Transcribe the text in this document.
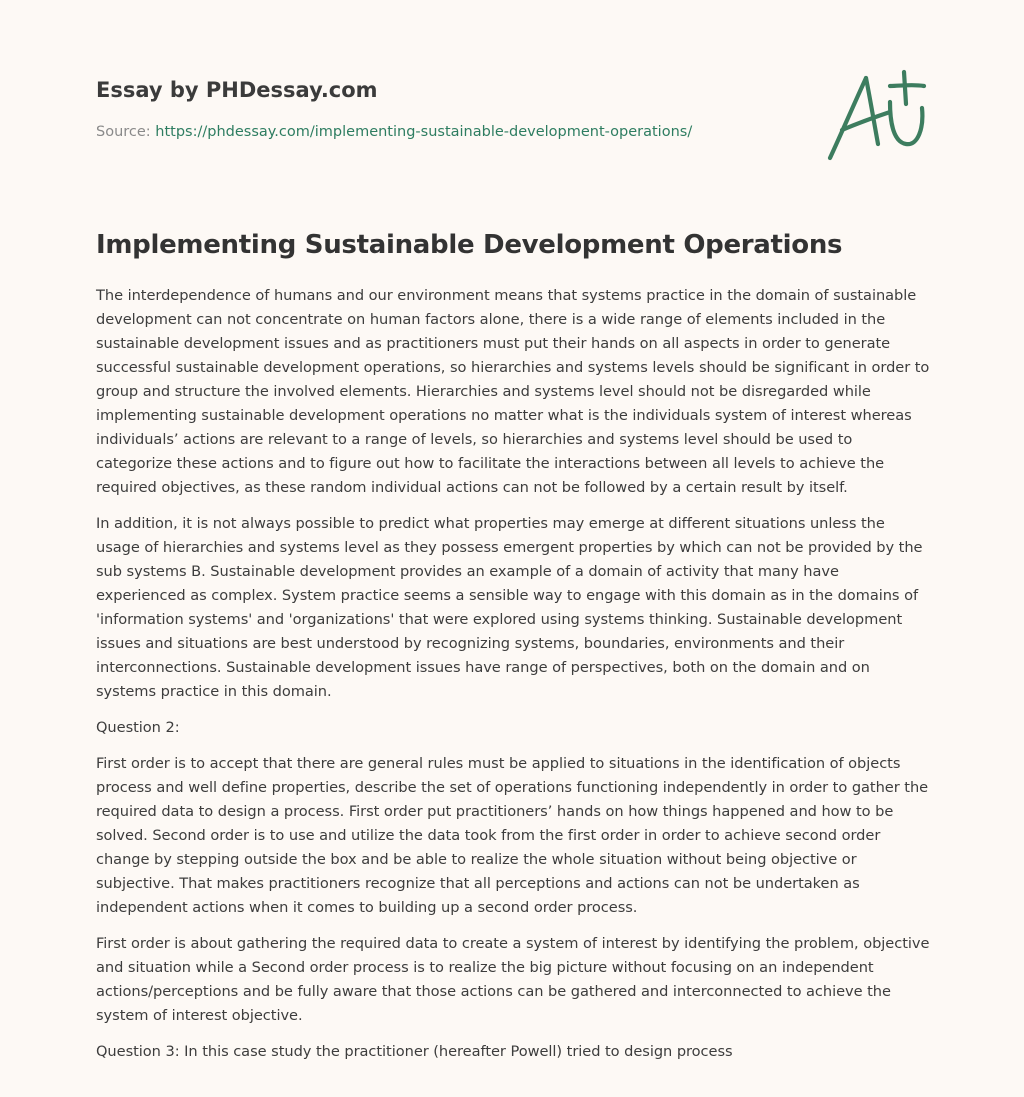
Essay by PHDessay.com
Source: https://phdessay.com/implementing-sustainable-development-operations/
Implementing Sustainable Development Operations

The interdependence of humans and our environment means that systems practice in the domain of sustainable development can not concentrate on human factors alone, there is a wide range of elements included in the sustainable development issues and as practitioners must put their hands on all aspects in order to generate successful sustainable development operations, so hierarchies and systems levels should be significant in order to group and structure the involved elements. Hierarchies and systems level should not be disregarded while implementing sustainable development operations no matter what is the individuals system of interest whereas individuals’ actions are relevant to a range of levels, so hierarchies and systems level should be used to categorize these actions and to figure out how to facilitate the interactions between all levels to achieve the required objectives, as these random individual actions can not be followed by a certain result by itself.

In addition, it is not always possible to predict what properties may emerge at different situations unless the usage of hierarchies and systems level as they possess emergent properties by which can not be provided by the sub systems B. Sustainable development provides an example of a domain of activity that many have experienced as complex. System practice seems a sensible way to engage with this domain as in the domains of 'information systems' and 'organizations' that were explored using systems thinking. Sustainable development issues and situations are best understood by recognizing systems, boundaries, environments and their interconnections. Sustainable development issues have range of perspectives, both on the domain and on systems practice in this domain.

Question 2:

First order is to accept that there are general rules must be applied to situations in the identification of objects process and well define properties, describe the set of operations functioning independently in order to gather the required data to design a process. First order put practitioners’ hands on how things happened and how to be solved. Second order is to use and utilize the data took from the first order in order to achieve second order change by stepping outside the box and be able to realize the whole situation without being objective or subjective. That makes practitioners recognize that all perceptions and actions can not be undertaken as independent actions when it comes to building up a second order process.

First order is about gathering the required data to create a system of interest by identifying the problem, objective and situation while a Second order process is to realize the big picture without focusing on an independent actions/perceptions and be fully aware that those actions can be gathered and interconnected to achieve the system of interest objective.

Question 3: In this case study the practitioner (hereafter Powell) tried to design process
